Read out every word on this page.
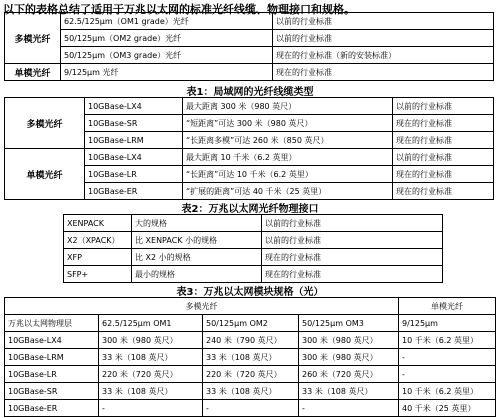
以下的表格总结了适用于万兆以太网的标准光纤线缆、物理接口和规格。
多模光纤	62.5/125μm（OM1 grade）光纤	以前的行业标准
	50/125μm（OM2 grade）光纤	以前的行业标准
	50/125μm（OM3 grade）光纤	现在的行业标准（新的安装标准）
单模光纤	9/125μm 光纤	现在的行业标准
表1：局域网的光纤线缆类型
多模光纤	10GBase-LX4	最大距离 300 米（980 英尺）	以前的行业标准
	10GBase-SR	“短距离”可达 300 米（980 英尺）	现在的行业标准
	10GBase-LRM	“长距离多模”可达 260 米（850 英尺）	现在的行业标准
单模光纤	10GBase-LX4	最大距离 10 千米（6.2 英里）	以前的行业标准
	10GBase-LR	“长距离”可达 10 千米（6.2 英里）	现在的行业标准
	10GBase-ER	“扩展的距离”可达 40 千米（25 英里）	现在的行业标准
表2：万兆以太网光纤物理接口
XENPACK	大的规格	以前的行业标准
X2（XPACK）	比 XENPACK 小的规格	以前的行业标准
XFP	比 X2 小的规格	现在的行业标准
SFP+	最小的规格	现在的行业标准
表3：万兆以太网模块规格（光）
多模光纤				单模光纤
万兆以太网物理层	62.5/125μm OM1	50/125μm OM2	50/125μm OM3	9/125μm
10GBase-LX4	300 米（980 英尺）	240 米（790 英尺）	300 米（980 英尺）	10 千米（6.2 英里）
10GBase-LRM	33 米（108 英尺）	33 米（108 英尺）	300 米（980 英尺）	-
10GBase-LR	220 米（720 英尺）	220 米（720 英尺）	260 米（720 英尺）	-
10GBase-SR	33 米（108 英尺）	33 米（108 英尺）	33 米（108 英尺）	10 千米（6.2 英里）
10GBase-ER	-	-	-	40 千米（25 英里）
